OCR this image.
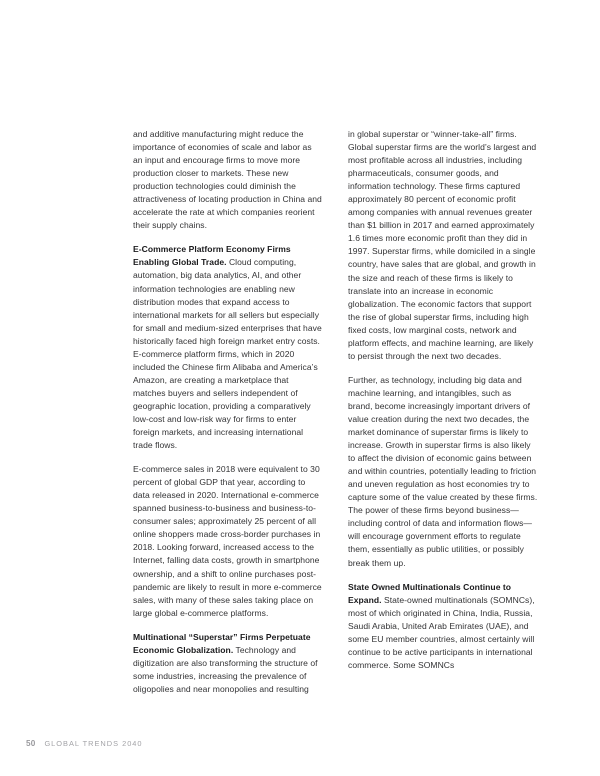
and additive manufacturing might reduce the importance of economies of scale and labor as an input and encourage firms to move more production closer to markets. These new production technologies could diminish the attractiveness of locating production in China and accelerate the rate at which companies reorient their supply chains.

E-Commerce Platform Economy Firms Enabling Global Trade. Cloud computing, automation, big data analytics, AI, and other information technologies are enabling new distribution modes that expand access to international markets for all sellers but especially for small and medium-sized enterprises that have historically faced high foreign market entry costs. E-commerce platform firms, which in 2020 included the Chinese firm Alibaba and America’s Amazon, are creating a marketplace that matches buyers and sellers independent of geographic location, providing a comparatively low-cost and low-risk way for firms to enter foreign markets, and increasing international trade flows.

E-commerce sales in 2018 were equivalent to 30 percent of global GDP that year, according to data released in 2020. International e-commerce spanned business-to-business and business-to-consumer sales; approximately 25 percent of all online shoppers made cross-border purchases in 2018. Looking forward, increased access to the Internet, falling data costs, growth in smartphone ownership, and a shift to online purchases post-pandemic are likely to result in more e-commerce sales, with many of these sales taking place on large global e-commerce platforms.

Multinational “Superstar” Firms Perpetuate Economic Globalization. Technology and digitization are also transforming the structure of some industries, increasing the prevalence of oligopolies and near monopolies and resulting

in global superstar or “winner-take-all” firms. Global superstar firms are the world’s largest and most profitable across all industries, including pharmaceuticals, consumer goods, and information technology. These firms captured approximately 80 percent of economic profit among companies with annual revenues greater than $1 billion in 2017 and earned approximately 1.6 times more economic profit than they did in 1997. Superstar firms, while domiciled in a single country, have sales that are global, and growth in the size and reach of these firms is likely to translate into an increase in economic globalization. The economic factors that support the rise of global superstar firms, including high fixed costs, low marginal costs, network and platform effects, and machine learning, are likely to persist through the next two decades.

Further, as technology, including big data and machine learning, and intangibles, such as brand, become increasingly important drivers of value creation during the next two decades, the market dominance of superstar firms is likely to increase. Growth in superstar firms is also likely to affect the division of economic gains between and within countries, potentially leading to friction and uneven regulation as host economies try to capture some of the value created by these firms. The power of these firms beyond business—including control of data and information flows—will encourage government efforts to regulate them, essentially as public utilities, or possibly break them up.

State Owned Multinationals Continue to Expand. State-owned multinationals (SOMNCs), most of which originated in China, India, Russia, Saudi Arabia, United Arab Emirates (UAE), and some EU member countries, almost certainly will continue to be active participants in international commerce. Some SOMNCs

50 GLOBAL TRENDS 2040
